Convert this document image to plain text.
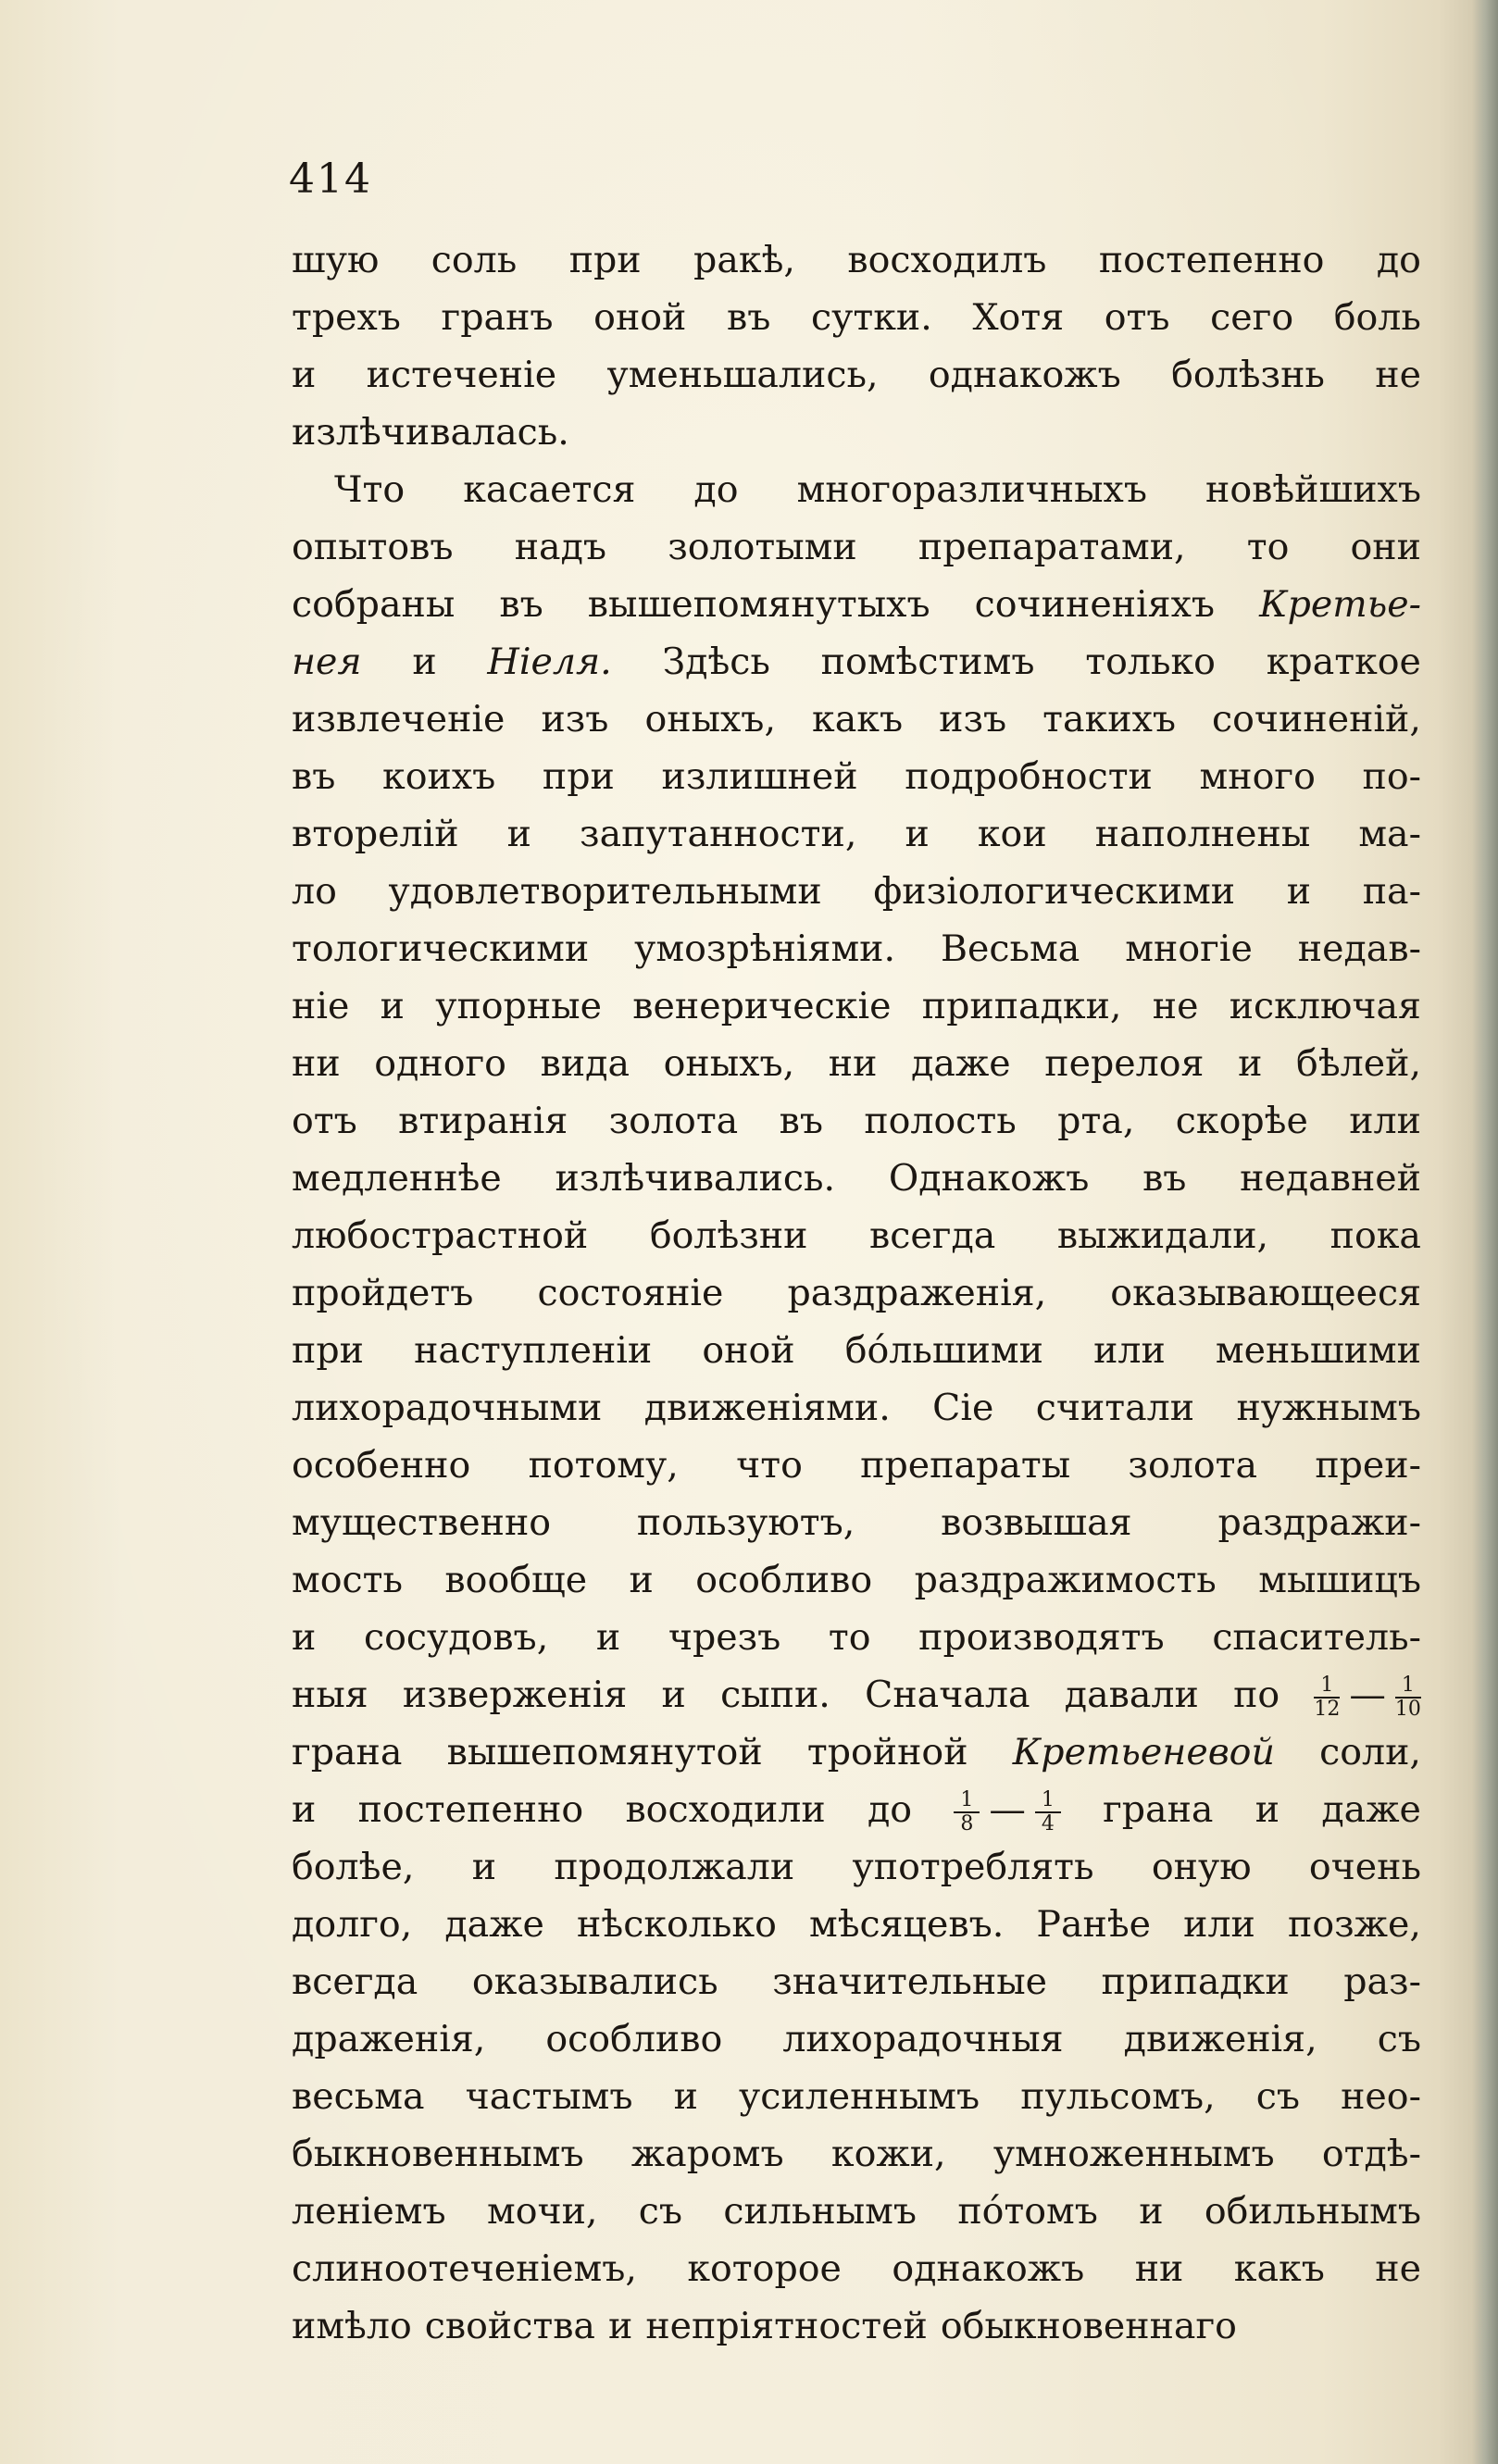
414

шую соль при ракѣ, восходилъ постепенно до
трехъ гранъ оной въ сутки. Хотя отъ сего боль
и истеченіе уменьшались, однакожъ болѣзнь не
излѣчивалась.
Что касается до многоразличныхъ новѣйшихъ
опытовъ надъ золотыми препаратами, то они
собраны въ вышепомянутыхъ сочиненіяхъ Кретье-
нея и Ніеля. Здѣсь помѣстимъ только краткое
извлеченіе изъ оныхъ, какъ изъ такихъ сочиненій,
въ коихъ при излишней подробности много по-
вторелій и запутанности, и кои наполнены ма-
ло удовлетворительными физіологическими и па-
тологическими умозрѣніями. Весьма многіе недав-
ніе и упорные венерическіе припадки, не исключая
ни одного вида оныхъ, ни даже перелоя и бѣлей,
отъ втиранія золота въ полость рта, скорѣе или
медленнѣе излѣчивались. Однакожъ въ недавней
любострастной болѣзни всегда выжидали, пока
пройдетъ состояніе раздраженія, оказывающееся
при наступленіи оной бо́льшими или меньшими
лихорадочными движеніями. Сіе считали нужнымъ
особенно потому, что препараты золота преи-
мущественно пользуютъ, возвышая раздражи-
мость вообще и особливо раздражимость мышицъ
и сосудовъ, и чрезъ то производятъ спаситель-
ныя изверженія и сыпи. Сначала давали по $\frac{1}{12}$ — $\frac{1}{10}$
грана вышепомянутой тройной Кретьеневой соли,
и постепенно восходили до $\frac{1}{8}$ — $\frac{1}{4}$ грана и даже
болѣе, и продолжали употреблять оную очень
долго, даже нѣсколько мѣсяцевъ. Ранѣе или позже,
всегда оказывались значительные припадки раз-
драженія, особливо лихорадочныя движенія, съ
весьма частымъ и усиленнымъ пульсомъ, съ нео-
быкновеннымъ жаромъ кожи, умноженнымъ отдѣ-
леніемъ мочи, съ сильнымъ по́томъ и обильнымъ
слиноотеченіемъ, которое однакожъ ни какъ не
имѣло свойства и непріятностей обыкновеннаго
